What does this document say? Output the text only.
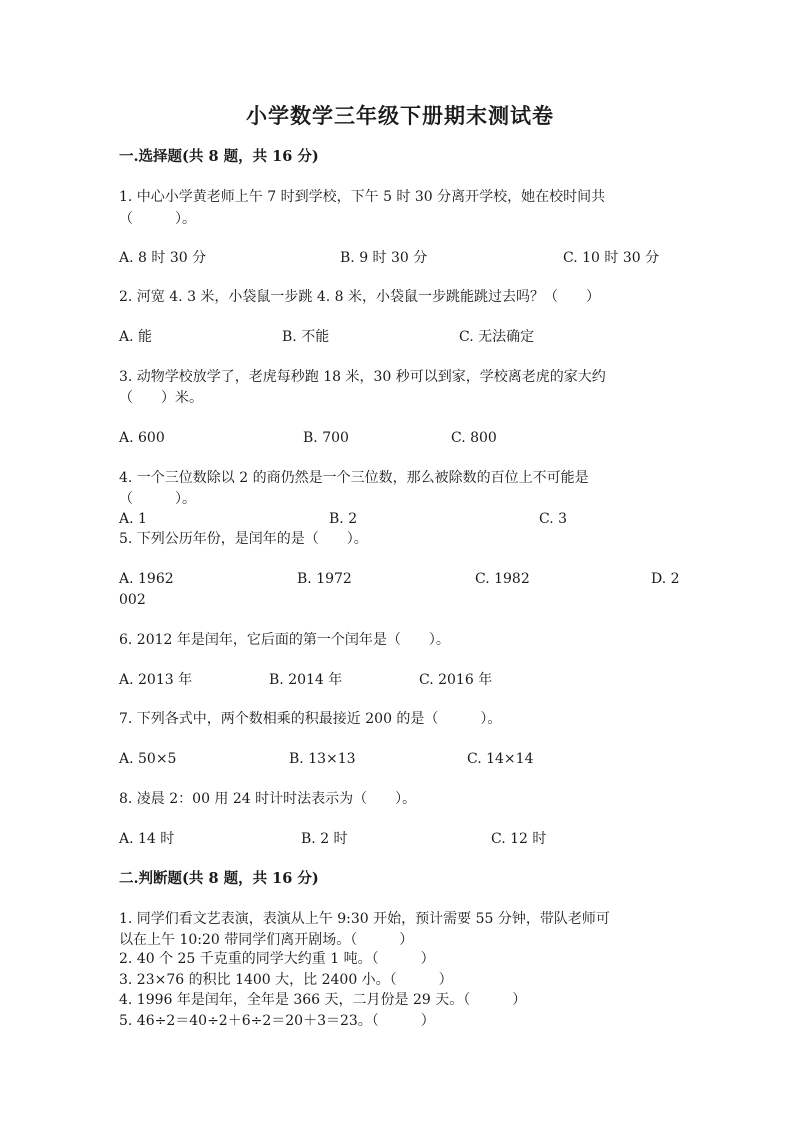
小学数学三年级下册期末测试卷
一.选择题(共 8 题，共 16 分)
1. 中心小学黄老师上午 7 时到学校，下午 5 时 30 分离开学校，她在校时间共
（　　　）。
A. 8 时 30 分	B. 9 时 30 分	C. 10 时 30 分
2. 河宽 4. 3 米，小袋鼠一步跳 4. 8 米，小袋鼠一步跳能跳过去吗？（　　）
A. 能	B. 不能	C. 无法确定
3. 动物学校放学了，老虎每秒跑 18 米，30 秒可以到家，学校离老虎的家大约
（　　）米。
A. 600	B. 700	C. 800
4. 一个三位数除以 2 的商仍然是一个三位数，那么被除数的百位上不可能是
（　　　）。
A. 1	B. 2	C. 3
5. 下列公历年份，是闰年的是（　　）。
A. 1962	B. 1972	C. 1982	D. 2
002
6. 2012 年是闰年，它后面的第一个闰年是（　　）。
A. 2013 年	B. 2014 年	C. 2016 年
7. 下列各式中，两个数相乘的积最接近 200 的是（　　　）。
A. 50×5	B. 13×13	C. 14×14
8. 凌晨 2：00 用 24 时计时法表示为（　　）。
A. 14 时	B. 2 时	C. 12 时
二.判断题(共 8 题，共 16 分)
1. 同学们看文艺表演，表演从上午 9:30 开始，预计需要 55 分钟，带队老师可
以在上午 10:20 带同学们离开剧场。（　　　）
2. 40 个 25 千克重的同学大约重 1 吨。（　　　）
3. 23×76 的积比 1400 大，比 2400 小。（　　　）
4. 1996 年是闰年，全年是 366 天，二月份是 29 天。（　　　）
5. 46÷2＝40÷2＋6÷2＝20＋3＝23。（　　　）
